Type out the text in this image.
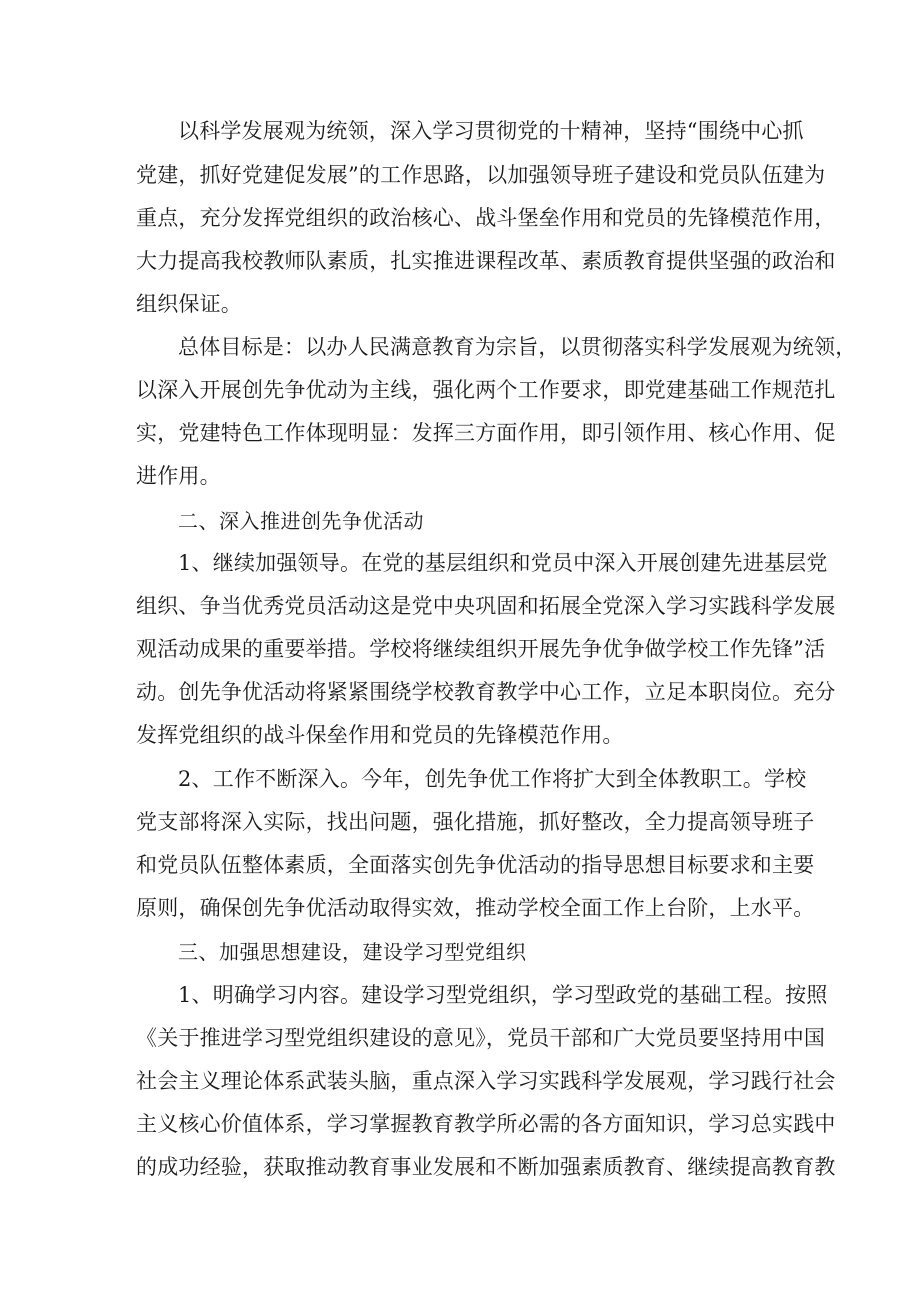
以科学发展观为统领，深入学习贯彻党的十精神，坚持“围绕中心抓
党建，抓好党建促发展”的工作思路，以加强领导班子建设和党员队伍建为
重点，充分发挥党组织的政治核心、战斗堡垒作用和党员的先锋模范作用，
大力提高我校教师队素质，扎实推进课程改革、素质教育提供坚强的政治和
组织保证。
总体目标是：以办人民满意教育为宗旨，以贯彻落实科学发展观为统领，
以深入开展创先争优动为主线，强化两个工作要求，即党建基础工作规范扎
实，党建特色工作体现明显：发挥三方面作用，即引领作用、核心作用、促
进作用。
二、深入推进创先争优活动
1、继续加强领导。在党的基层组织和党员中深入开展创建先进基层党
组织、争当优秀党员活动这是党中央巩固和拓展全党深入学习实践科学发展
观活动成果的重要举措。学校将继续组织开展先争优争做学校工作先锋”活
动。创先争优活动将紧紧围绕学校教育教学中心工作，立足本职岗位。充分
发挥党组织的战斗保垒作用和党员的先锋模范作用。
2、工作不断深入。今年，创先争优工作将扩大到全体教职工。学校
党支部将深入实际，找出问题，强化措施，抓好整改，全力提高领导班子
和党员队伍整体素质，全面落实创先争优活动的指导思想目标要求和主要
原则，确保创先争优活动取得实效，推动学校全面工作上台阶，上水平。
三、加强思想建设，建设学习型党组织
1、明确学习内容。建设学习型党组织，学习型政党的基础工程。按照
《关于推进学习型党组织建设的意见》，党员干部和广大党员要坚持用中国
社会主义理论体系武装头脑，重点深入学习实践科学发展观，学习践行社会
主义核心价值体系，学习掌握教育教学所必需的各方面知识，学习总实践中
的成功经验，获取推动教育事业发展和不断加强素质教育、继续提高教育教
